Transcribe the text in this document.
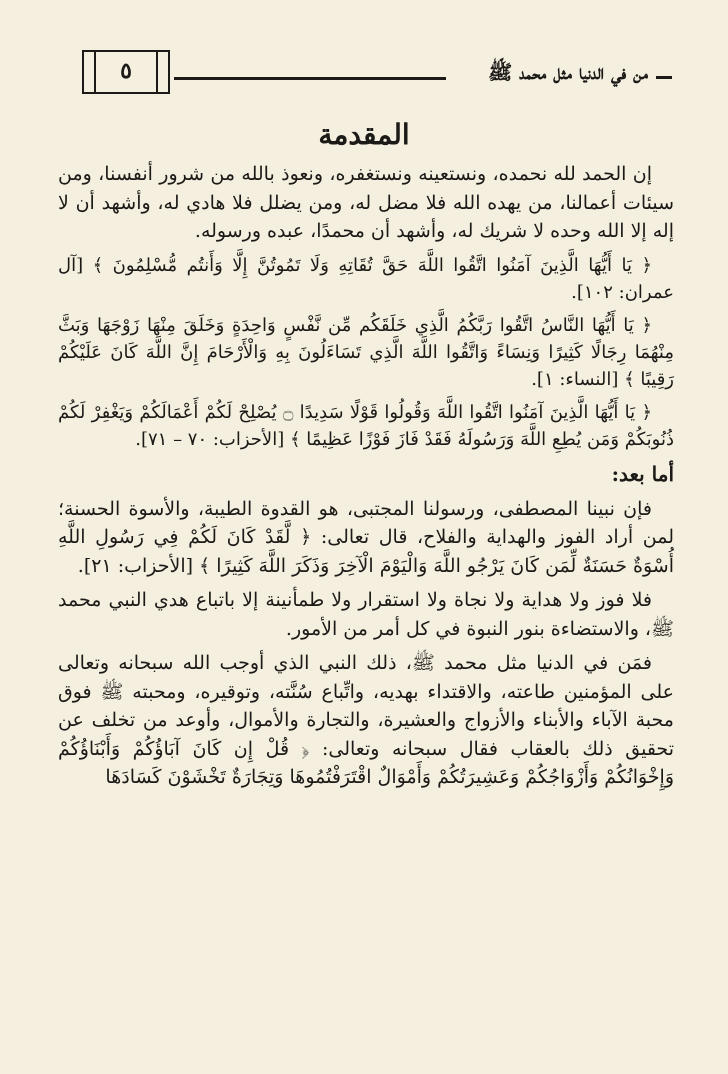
٥	من في الدنيا مثل محمد ﷺ
المقدمة

إن الحمد لله نحمده، ونستعينه ونستغفره، ونعوذ بالله من شرور أنفسنا، ومن سيئات أعمالنا، من يهده الله فلا مضل له، ومن يضلل فلا هادي له، وأشهد أن لا إله إلا الله وحده لا شريك له، وأشهد أن محمدًا، عبده ورسوله.

﴿ يَا أَيُّهَا الَّذِينَ آمَنُوا اتَّقُوا اللَّهَ حَقَّ تُقَاتِهِ وَلَا تَمُوتُنَّ إِلَّا وَأَنتُم مُّسْلِمُونَ ﴾ [آل عمران: ١٠٢].

﴿ يَا أَيُّهَا النَّاسُ اتَّقُوا رَبَّكُمُ الَّذِي خَلَقَكُم مِّن نَّفْسٍ وَاحِدَةٍ وَخَلَقَ مِنْهَا زَوْجَهَا وَبَثَّ مِنْهُمَا رِجَالًا كَثِيرًا وَنِسَاءً وَاتَّقُوا اللَّهَ الَّذِي تَسَاءَلُونَ بِهِ وَالْأَرْحَامَ إِنَّ اللَّهَ كَانَ عَلَيْكُمْ رَقِيبًا ﴾ [النساء: ١].

﴿ يَا أَيُّهَا الَّذِينَ آمَنُوا اتَّقُوا اللَّهَ وَقُولُوا قَوْلًا سَدِيدًا ۝ يُصْلِحْ لَكُمْ أَعْمَالَكُمْ وَيَغْفِرْ لَكُمْ ذُنُوبَكُمْ وَمَن يُطِعِ اللَّهَ وَرَسُولَهُ فَقَدْ فَازَ فَوْزًا عَظِيمًا ﴾ [الأحزاب: ٧٠ – ٧١].

أما بعد:

فإن نبينا المصطفى، ورسولنا المجتبى، هو القدوة الطيبة، والأسوة الحسنة؛ لمن أراد الفوز والهداية والفلاح، قال تعالى: ﴿ لَّقَدْ كَانَ لَكُمْ فِي رَسُولِ اللَّهِ أُسْوَةٌ حَسَنَةٌ لِّمَن كَانَ يَرْجُو اللَّهَ وَالْيَوْمَ الْآخِرَ وَذَكَرَ اللَّهَ كَثِيرًا ﴾ [الأحزاب: ٢١].

فلا فوز ولا هداية ولا نجاة ولا استقرار ولا طمأنينة إلا باتباع هدي النبي محمد ﷺ، والاستضاءة بنور النبوة في كل أمر من الأمور.

فمَن في الدنيا مثل محمد ﷺ، ذلك النبي الذي أوجب الله سبحانه وتعالى على المؤمنين طاعته، والاقتداء بهديه، واتِّباع سُنَّته، وتوقيره، ومحبته ﷺ فوق محبة الآباء والأبناء والأزواج والعشيرة، والتجارة والأموال، وأوعد من تخلف عن تحقيق ذلك بالعقاب فقال سبحانه وتعالى: ﴿ قُلْ إِن كَانَ آبَاؤُكُمْ وَأَبْنَاؤُكُمْ وَإِخْوَانُكُمْ وَأَزْوَاجُكُمْ وَعَشِيرَتُكُمْ وَأَمْوَالٌ اقْتَرَفْتُمُوهَا وَتِجَارَةٌ تَخْشَوْنَ كَسَادَهَا
